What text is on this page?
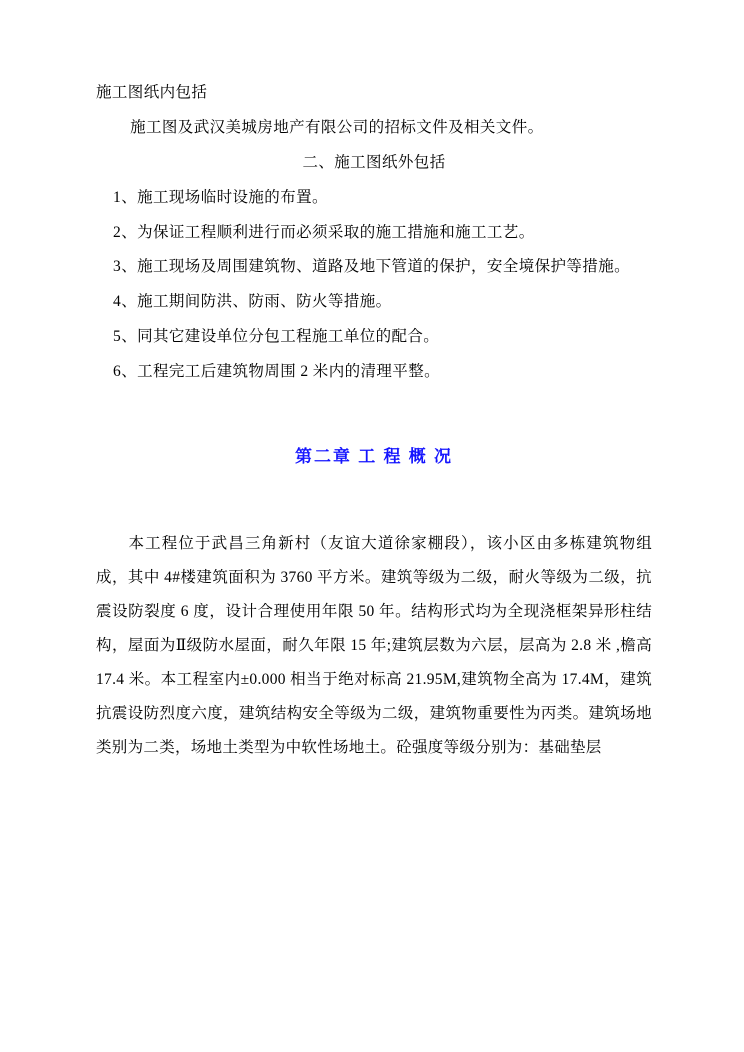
施工图纸内包括

施工图及武汉美城房地产有限公司的招标文件及相关文件。

二、施工图纸外包括

1、施工现场临时设施的布置。

2、为保证工程顺利进行而必须采取的施工措施和施工工艺。

3、施工现场及周围建筑物、道路及地下管道的保护，安全境保护等措施。

4、施工期间防洪、防雨、防火等措施。

5、同其它建设单位分包工程施工单位的配合。

6、工程完工后建筑物周围 2 米内的清理平整。

第二章 工 程 概 况

本工程位于武昌三角新村（友谊大道徐家棚段），该小区由多栋建筑物组成，其中 4#楼建筑面积为 3760 平方米。建筑等级为二级，耐火等级为二级，抗震设防裂度 6 度，设计合理使用年限 50 年。结构形式均为全现浇框架异形柱结构，屋面为Ⅱ级防水屋面，耐久年限 15 年;建筑层数为六层，层高为 2.8 米 ,檐高 17.4 米。本工程室内±0.000 相当于绝对标高 21.95M,建筑物全高为 17.4M，建筑抗震设防烈度六度，建筑结构安全等级为二级，建筑物重要性为丙类。建筑场地类别为二类，场地土类型为中软性场地土。砼强度等级分别为：基础垫层
